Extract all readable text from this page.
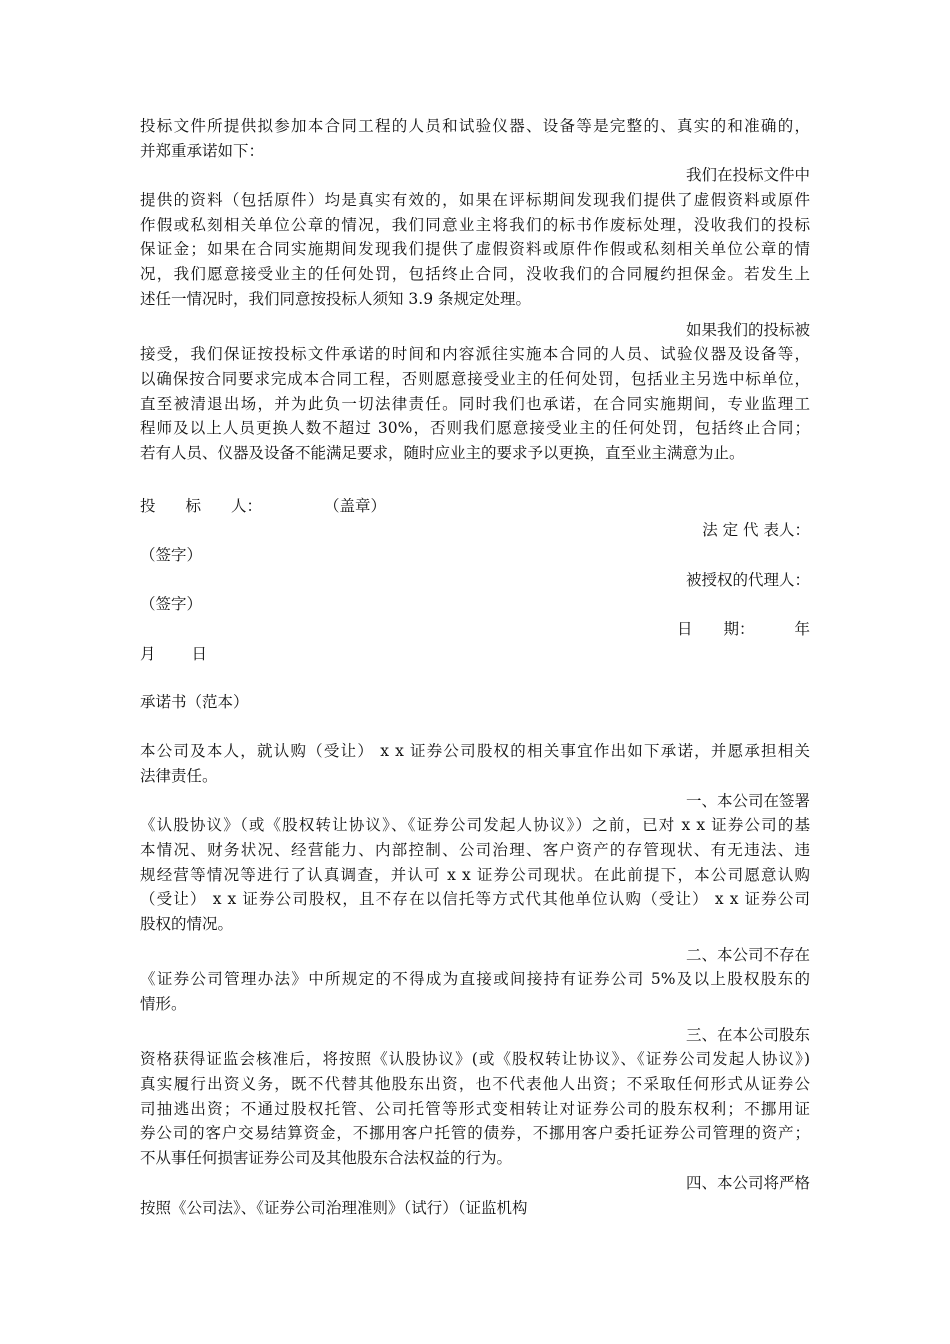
投标文件所提供拟参加本合同工程的人员和试验仪器、设备等是完整的、真实的和准确的，
并郑重承诺如下：
我们在投标文件中
提供的资料（包括原件）均是真实有效的，如果在评标期间发现我们提供了虚假资料或原件
作假或私刻相关单位公章的情况，我们同意业主将我们的标书作废标处理，没收我们的投标
保证金；如果在合同实施期间发现我们提供了虚假资料或原件作假或私刻相关单位公章的情
况，我们愿意接受业主的任何处罚，包括终止合同，没收我们的合同履约担保金。若发生上
述任一情况时，我们同意按投标人须知 3.9 条规定处理。
如果我们的投标被
接受，我们保证按投标文件承诺的时间和内容派往实施本合同的人员、试验仪器及设备等，
以确保按合同要求完成本合同工程，否则愿意接受业主的任何处罚，包括业主另选中标单位，
直至被清退出场，并为此负一切法律责任。同时我们也承诺，在合同实施期间，专业监理工
程师及以上人员更换人数不超过 30%，否则我们愿意接受业主的任何处罚，包括终止合同；
若有人员、仪器及设备不能满足要求，随时应业主的要求予以更换，直至业主满意为止。
投 标 人：	（盖章）
法 定 代 表人：
（签字）
被授权的代理人：
（签字）
日　　期：	年
月 日
承诺书（范本）
本公司及本人，就认购（受让） x x 证券公司股权的相关事宜作出如下承诺，并愿承担相关
法律责任。
一、本公司在签署
《认股协议》（或《股权转让协议》、《证券公司发起人协议》）之前，已对 x x 证券公司的基
本情况、财务状况、经营能力、内部控制、公司治理、客户资产的存管现状、有无违法、违
规经营等情况等进行了认真调查，并认可 x x 证券公司现状。在此前提下，本公司愿意认购
（受让） x x 证券公司股权，且不存在以信托等方式代其他单位认购（受让） x x 证券公司
股权的情况。
二、本公司不存在
《证券公司管理办法》中所规定的不得成为直接或间接持有证券公司 5%及以上股权股东的
情形。
三、在本公司股东
资格获得证监会核准后，将按照《认股协议》(或《股权转让协议》、《证券公司发起人协议》)
真实履行出资义务，既不代替其他股东出资，也不代表他人出资；不采取任何形式从证券公
司抽逃出资；不通过股权托管、公司托管等形式变相转让对证券公司的股东权利；不挪用证
券公司的客户交易结算资金，不挪用客户托管的债券，不挪用客户委托证券公司管理的资产；
不从事任何损害证券公司及其他股东合法权益的行为。
四、本公司将严格
按照《公司法》、《证券公司治理准则》（试行）（证监机构
